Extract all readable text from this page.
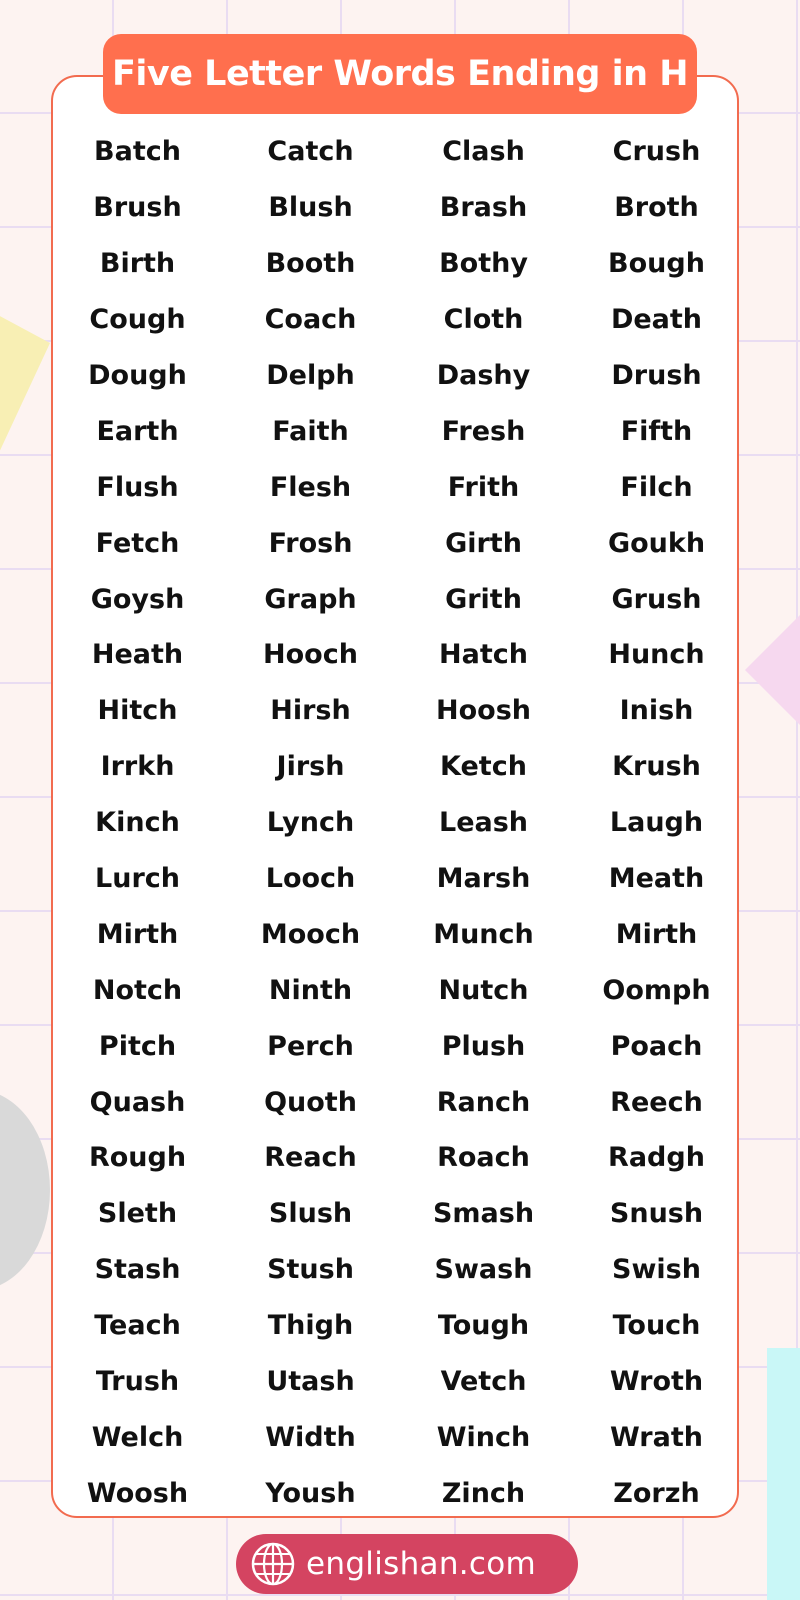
Five Letter Words Ending in H
Batch	Catch	Clash	Crush
Brush	Blush	Brash	Broth
Birth	Booth	Bothy	Bough
Cough	Coach	Cloth	Death
Dough	Delph	Dashy	Drush
Earth	Faith	Fresh	Fifth
Flush	Flesh	Frith	Filch
Fetch	Frosh	Girth	Goukh
Goysh	Graph	Grith	Grush
Heath	Hooch	Hatch	Hunch
Hitch	Hirsh	Hoosh	Inish
Irrkh	Jirsh	Ketch	Krush
Kinch	Lynch	Leash	Laugh
Lurch	Looch	Marsh	Meath
Mirth	Mooch	Munch	Mirth
Notch	Ninth	Nutch	Oomph
Pitch	Perch	Plush	Poach
Quash	Quoth	Ranch	Reech
Rough	Reach	Roach	Radgh
Sleth	Slush	Smash	Snush
Stash	Stush	Swash	Swish
Teach	Thigh	Tough	Touch
Trush	Utash	Vetch	Wroth
Welch	Width	Winch	Wrath
Woosh	Yoush	Zinch	Zorzh
englishan.com
